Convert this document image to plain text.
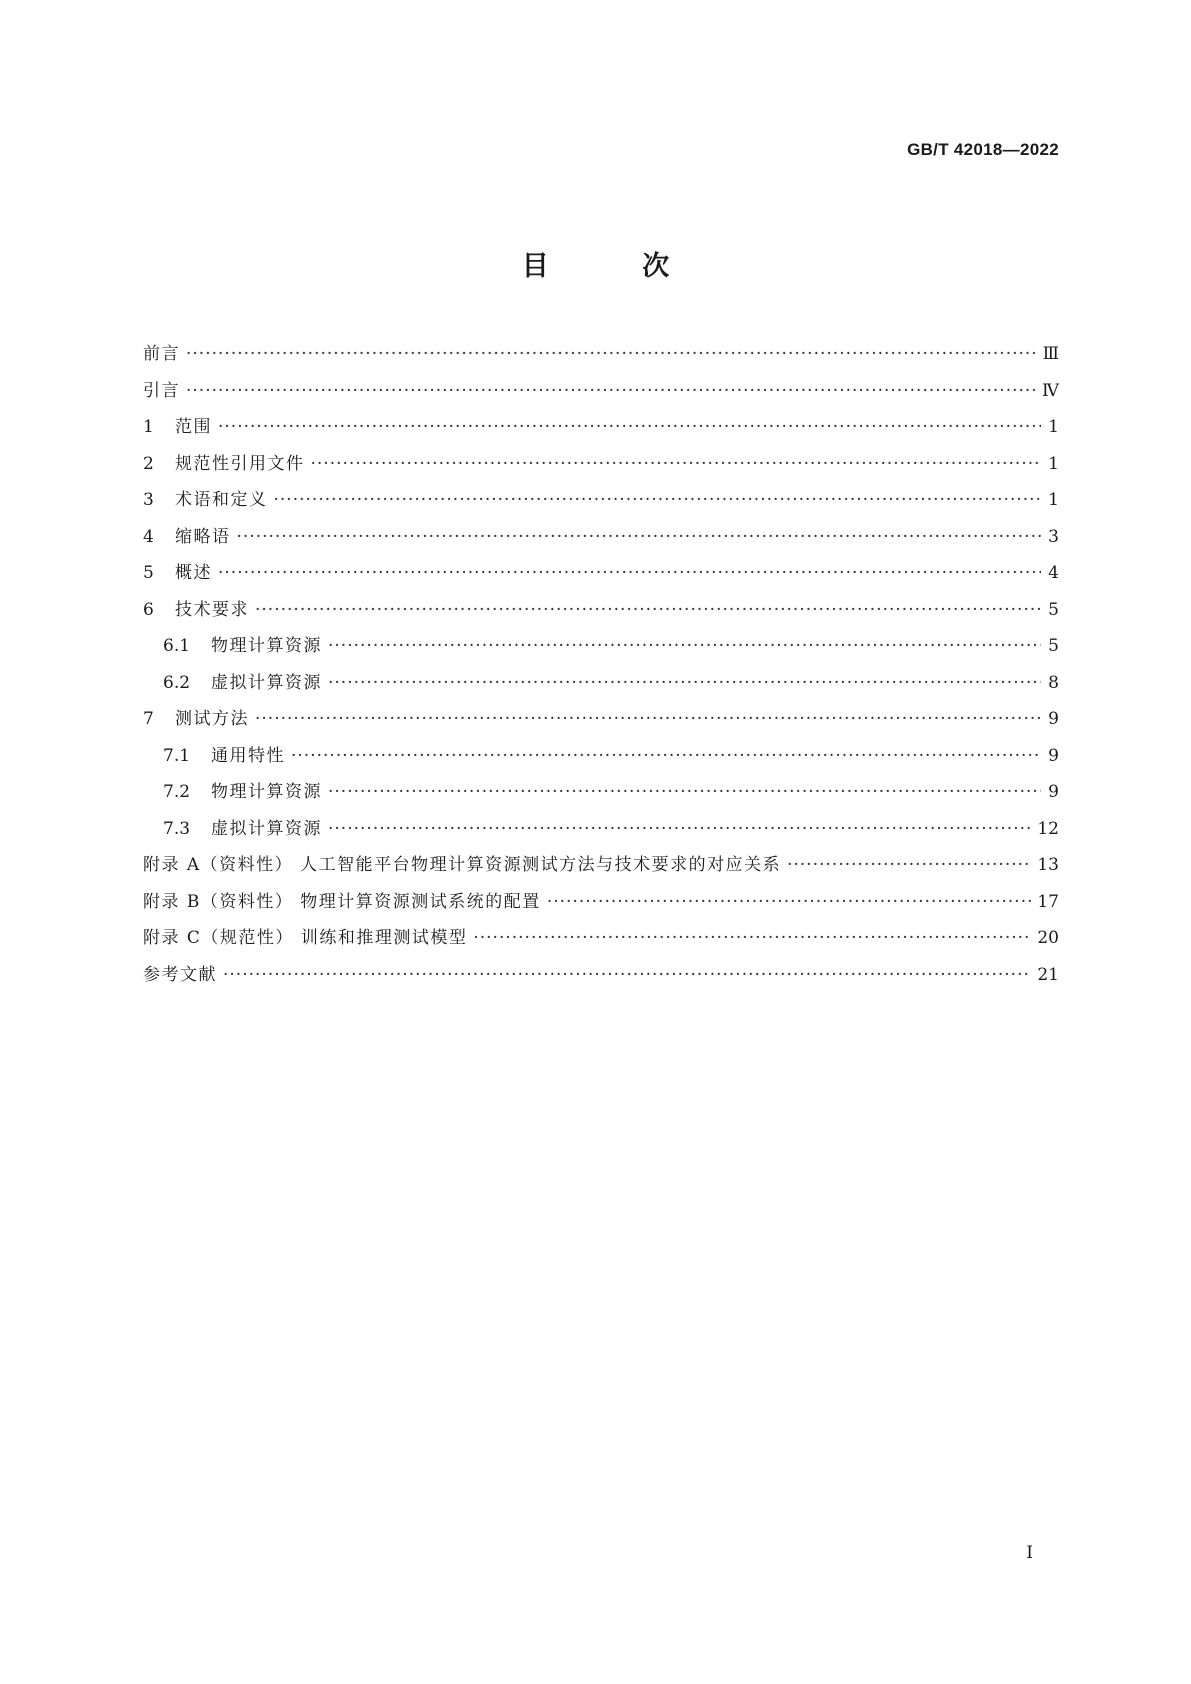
GB/T 42018—2022
目 次
前言 ·····	Ⅲ
引言 ·····	Ⅳ
1	范围 ·····	1
2	规范性引用文件 ·····	1
3	术语和定义 ·····	1
4	缩略语 ·····	3
5	概述 ·····	4
6	技术要求 ·····	5
6.1	物理计算资源 ·····	5
6.2	虚拟计算资源 ·····	8
7	测试方法 ·····	9
7.1	通用特性 ·····	9
7.2	物理计算资源 ·····	9
7.3	虚拟计算资源 ·····	12
附录 A（资料性） 人工智能平台物理计算资源测试方法与技术要求的对应关系 ·····	13
附录 B（资料性） 物理计算资源测试系统的配置 ·····	17
附录 C（规范性） 训练和推理测试模型 ·····	20
参考文献 ·····	21
Ⅰ
